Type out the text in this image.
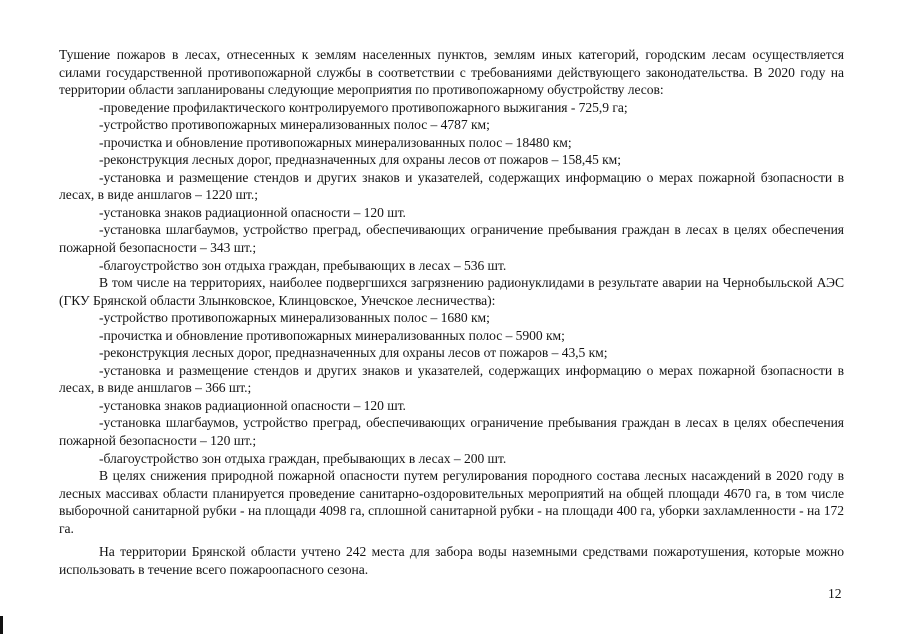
Тушение пожаров в лесах, отнесенных к землям населенных пунктов, землям иных категорий, городским лесам осуществляется силами государственной противопожарной службы в соответствии с требованиями действующего законодательства. В 2020 году на территории области запланированы следующие мероприятия по противопожарному обустройству лесов:

-проведение профилактического контролируемого противопожарного выжигания - 725,9 га;

-устройство противопожарных минерализованных полос – 4787 км;

-прочистка и обновление противопожарных минерализованных полос – 18480 км;

-реконструкция лесных дорог, предназначенных для охраны лесов от пожаров – 158,45 км;

-установка и размещение стендов и других знаков и указателей, содержащих информацию о мерах пожарной бзопасности в лесах, в виде аншлагов – 1220 шт.;

-установка знаков радиационной опасности – 120 шт.

-установка шлагбаумов, устройство преград, обеспечивающих ограничение пребывания граждан в лесах в целях обеспечения пожарной безопасности – 343 шт.;

-благоустройство зон отдыха граждан, пребывающих в лесах – 536 шт.

В том числе на территориях, наиболее подвергшихся загрязнению радионуклидами в результате аварии на Чернобыльской АЭС (ГКУ Брянской области Злынковское, Клинцовское, Унечское лесничества):

-устройство противопожарных минерализованных полос – 1680 км;

-прочистка и обновление противопожарных минерализованных полос – 5900 км;

-реконструкция лесных дорог, предназначенных для охраны лесов от пожаров – 43,5 км;

-установка и размещение стендов и других знаков и указателей, содержащих информацию о мерах пожарной бзопасности в лесах, в виде аншлагов – 366 шт.;

-установка знаков радиационной опасности – 120 шт.

-установка шлагбаумов, устройство преград, обеспечивающих ограничение пребывания граждан в лесах в целях обеспечения пожарной безопасности – 120 шт.;

-благоустройство зон отдыха граждан, пребывающих в лесах – 200 шт.

В целях снижения природной пожарной опасности путем регулирования породного состава лесных насаждений в 2020 году в лесных массивах области планируется проведение санитарно-оздоровительных мероприятий на общей площади 4670 га, в том числе выборочной санитарной рубки - на площади 4098 га, сплошной санитарной рубки - на площади 400 га, уборки захламленности - на 172 га.

На территории Брянской области учтено 242 места для забора воды наземными средствами пожаротушения, которые можно использовать в течение всего пожароопасного сезона.

12
